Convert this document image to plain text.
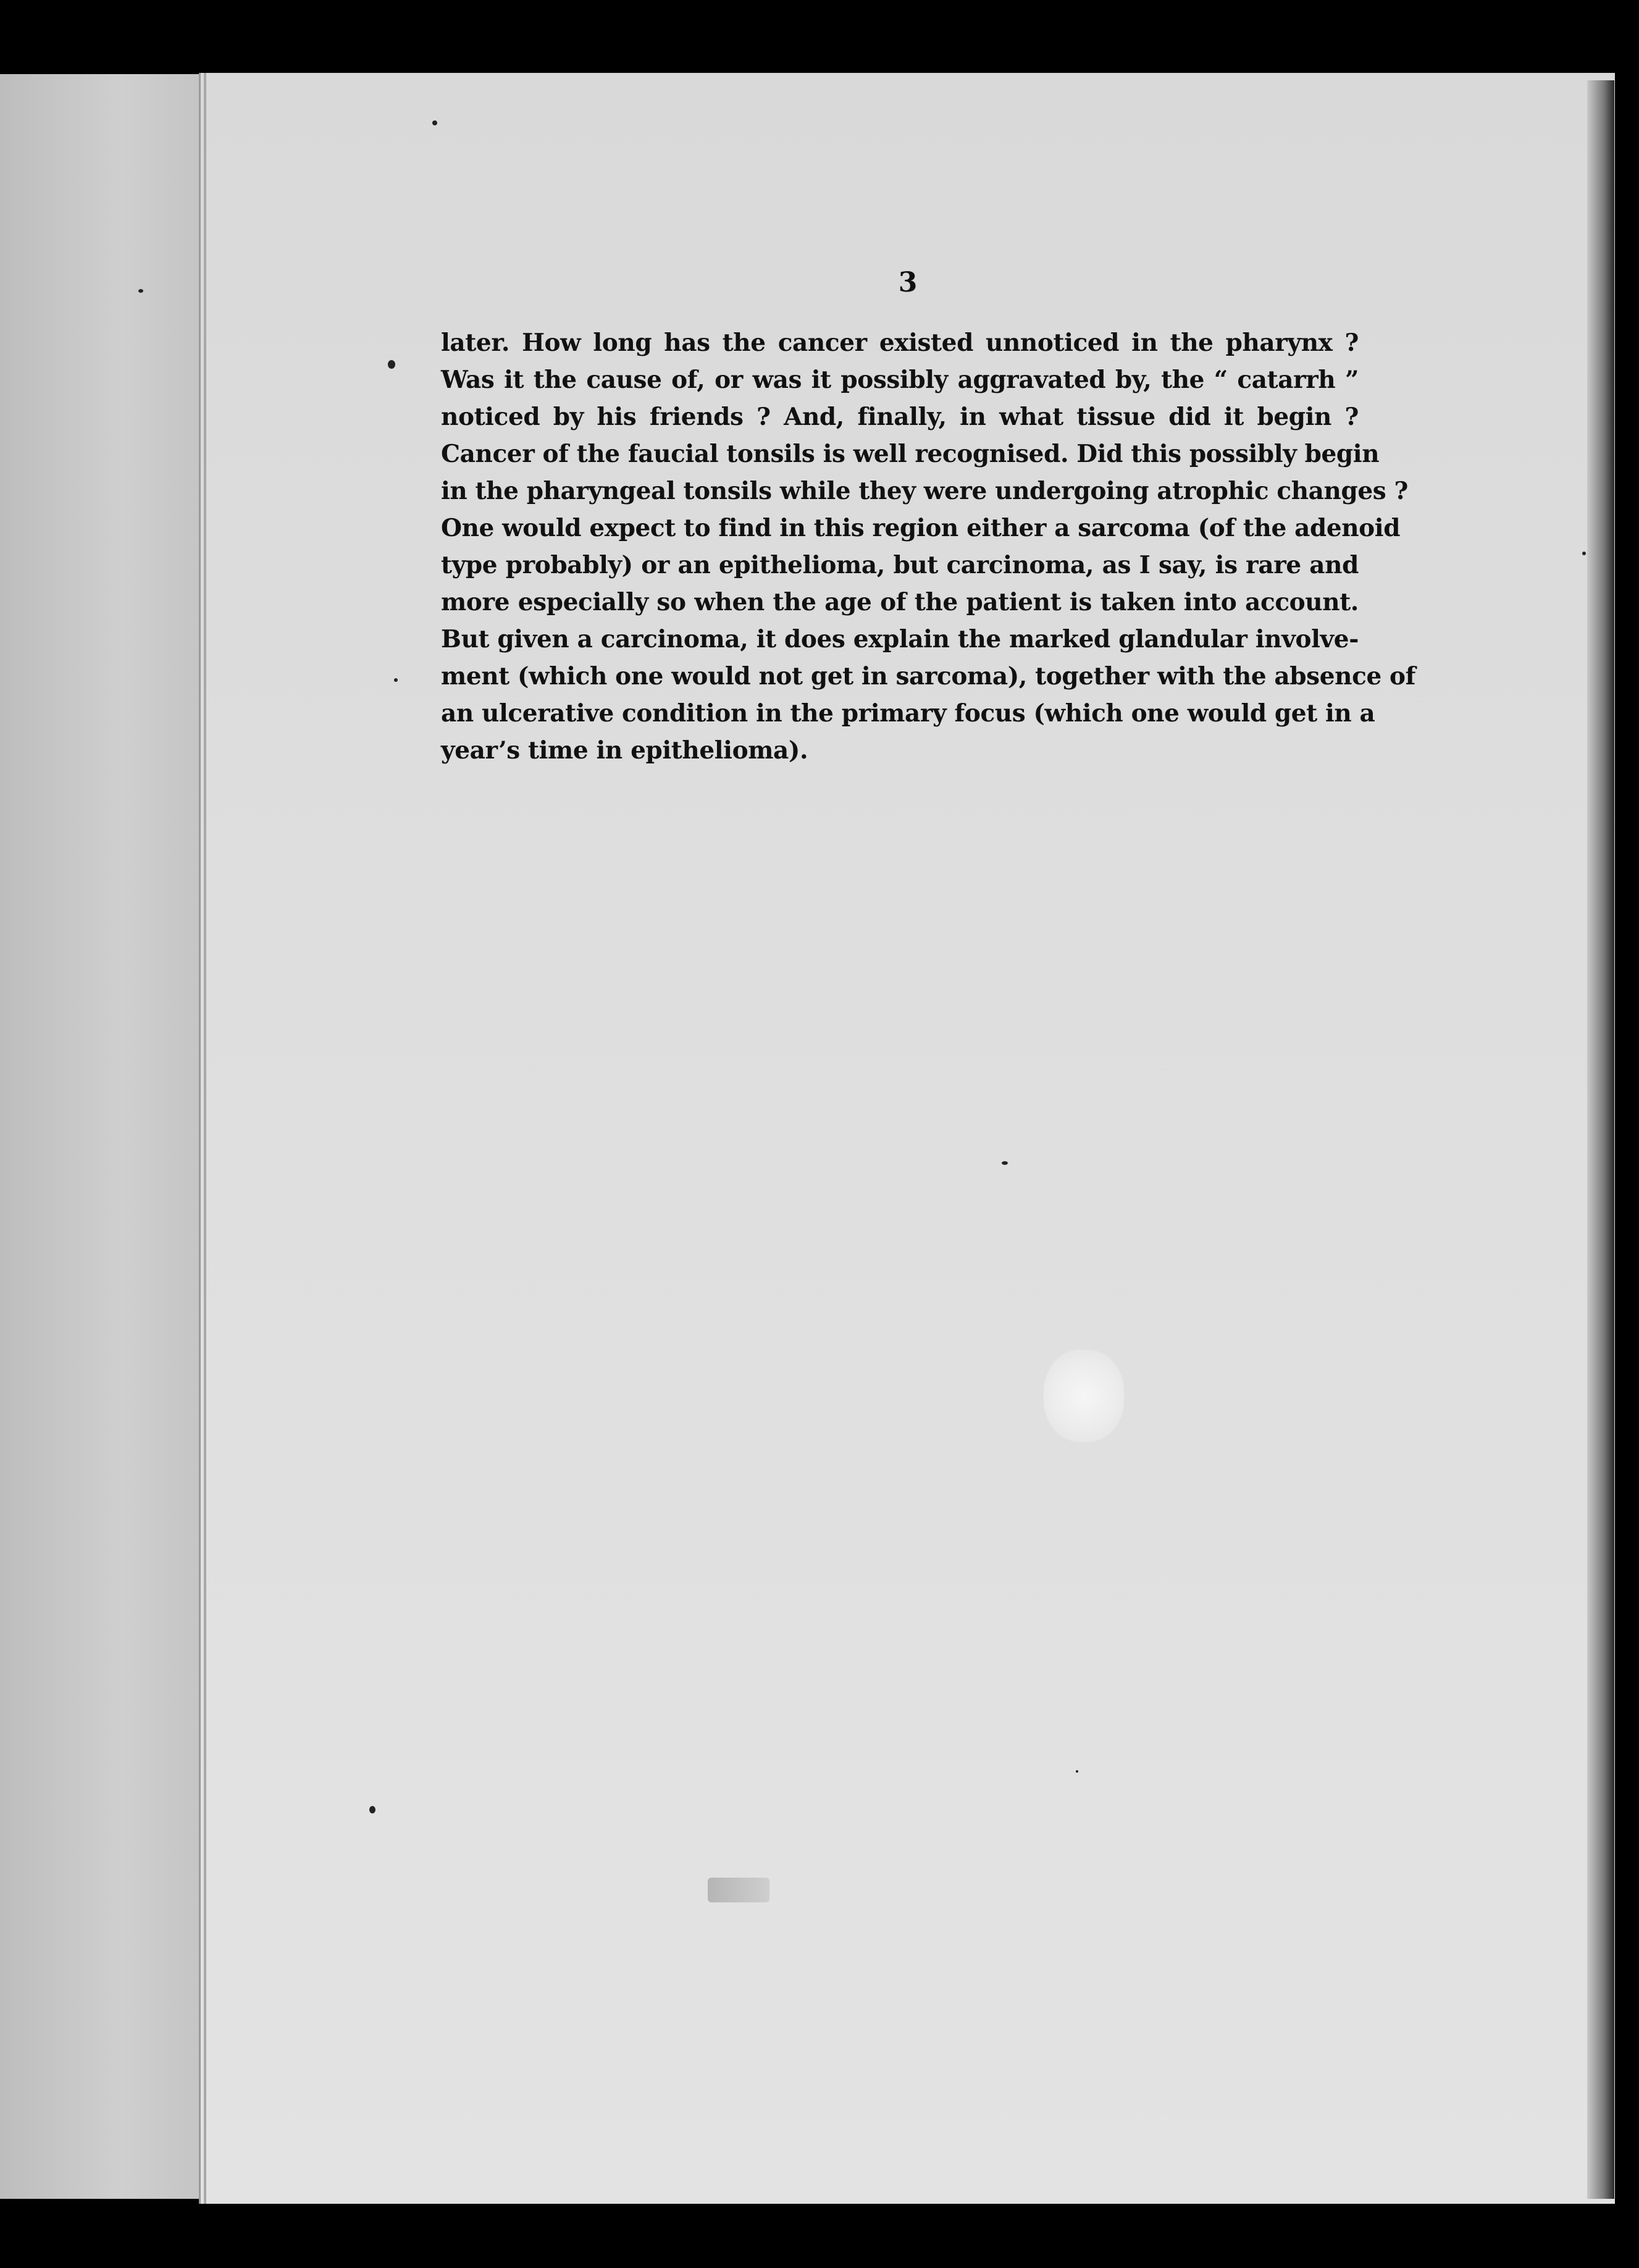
3
later. How long has the cancer existed unnoticed in the pharynx ?
Was it the cause of, or was it possibly aggravated by, the “ catarrh ”
noticed by his friends ? And, finally, in what tissue did it begin ?
Cancer of the faucial tonsils is well recognised. Did this possibly begin
in the pharyngeal tonsils while they were undergoing atrophic changes ?
One would expect to find in this region either a sarcoma (of the adenoid
type probably) or an epithelioma, but carcinoma, as I say, is rare and
more especially so when the age of the patient is taken into account.
But given a carcinoma, it does explain the marked glandular involve-
ment (which one would not get in sarcoma), together with the absence of
an ulcerative condition in the primary focus (which one would get in a
year’s time in epithelioma).
